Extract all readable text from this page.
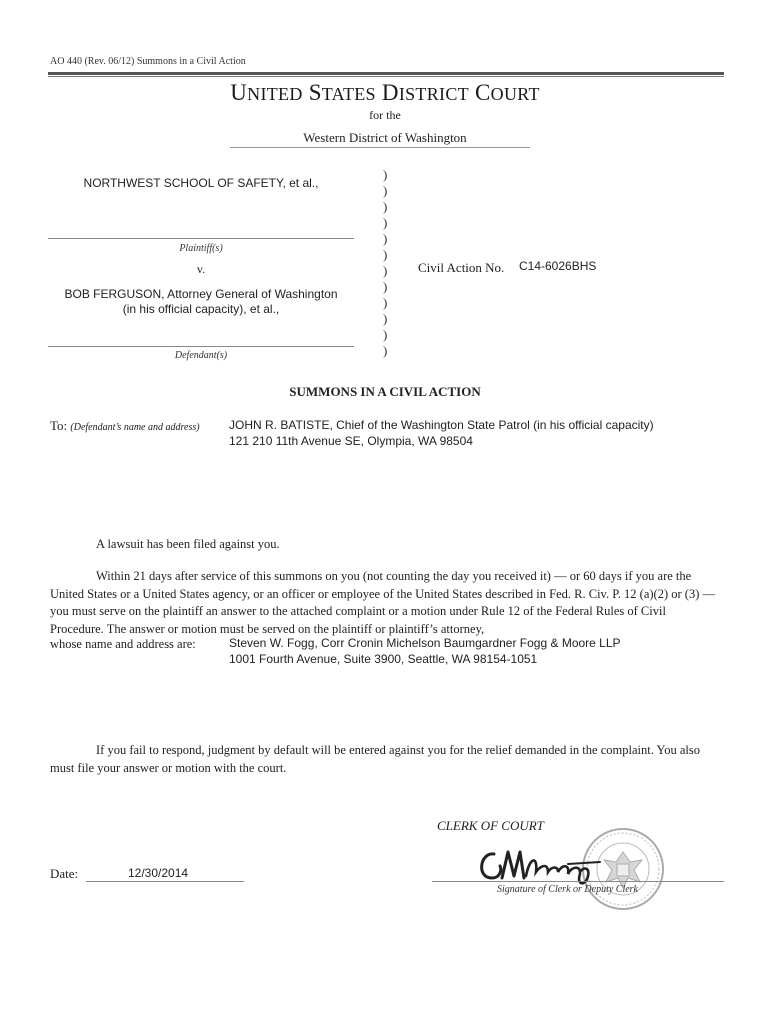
AO 440 (Rev. 06/12) Summons in a Civil Action
UNITED STATES DISTRICT COURT
for the
Western District of Washington
NORTHWEST SCHOOL OF SAFETY, et al.,
Plaintiff(s)
v.
BOB FERGUSON, Attorney General of Washington
(in his official capacity), et al.,
Defendant(s)
)
)
)
)
)
)
)
)
)
)
)
)
Civil Action No. C14-6026BHS
SUMMONS IN A CIVIL ACTION
To: (Defendant’s name and address) JOHN R. BATISTE, Chief of the Washington State Patrol (in his official capacity)
121 210 11th Avenue SE, Olympia, WA 98504
A lawsuit has been filed against you.
Within 21 days after service of this summons on you (not counting the day you received it) — or 60 days if you are the United States or a United States agency, or an officer or employee of the United States described in Fed. R. Civ. P. 12 (a)(2) or (3) — you must serve on the plaintiff an answer to the attached complaint or a motion under Rule 12 of the Federal Rules of Civil Procedure. The answer or motion must be served on the plaintiff or plaintiff’s attorney,
whose name and address are:	Steven W. Fogg, Corr Cronin Michelson Baumgardner Fogg & Moore LLP
1001 Fourth Avenue, Suite 3900, Seattle, WA 98154-1051
If you fail to respond, judgment by default will be entered against you for the relief demanded in the complaint. You also must file your answer or motion with the court.
CLERK OF COURT
Date:	12/30/2014
Signature of Clerk or Deputy Clerk
